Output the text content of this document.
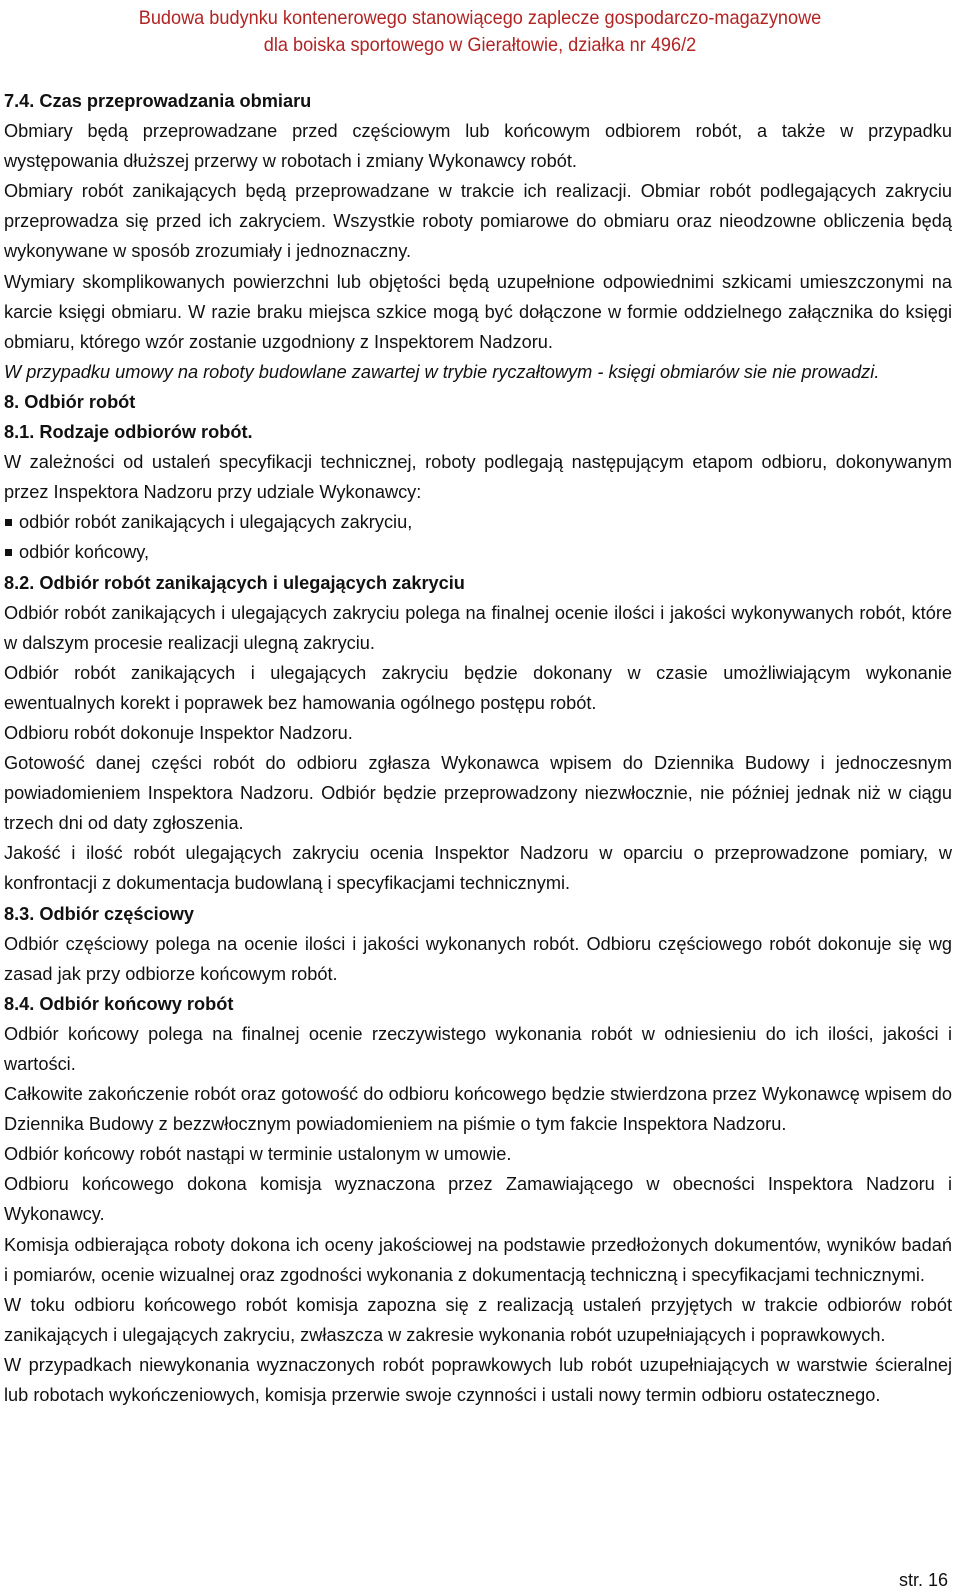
Budowa budynku kontenerowego stanowiącego zaplecze gospodarczo-magazynowe
dla boiska sportowego w Gierałtowie, działka nr 496/2
7.4. Czas przeprowadzania obmiaru

Obmiary będą przeprowadzane przed częściowym lub końcowym odbiorem robót, a także w przypadku występowania dłuższej przerwy w robotach i zmiany Wykonawcy robót.

Obmiary robót zanikających będą przeprowadzane w trakcie ich realizacji. Obmiar robót podlegających zakryciu przeprowadza się przed ich zakryciem. Wszystkie roboty pomiarowe do obmiaru oraz nieodzowne obliczenia będą wykonywane w sposób zrozumiały i jednoznaczny.

Wymiary skomplikowanych powierzchni lub objętości będą uzupełnione odpowiednimi szkicami umieszczonymi na karcie księgi obmiaru. W razie braku miejsca szkice mogą być dołączone w formie oddzielnego załącznika do księgi obmiaru, którego wzór zostanie uzgodniony z Inspektorem Nadzoru.

W przypadku umowy na roboty budowlane zawartej w trybie ryczałtowym - księgi obmiarów sie nie prowadzi.

8. Odbiór robót
8.1. Rodzaje odbiorów robót.

W zależności od ustaleń specyfikacji technicznej, roboty podlegają następującym etapom odbioru, dokonywanym przez Inspektora Nadzoru przy udziale Wykonawcy:

odbiór robót zanikających i ulegających zakryciu,
odbiór końcowy,
8.2. Odbiór robót zanikających i ulegających zakryciu

Odbiór robót zanikających i ulegających zakryciu polega na finalnej ocenie ilości i jakości wykonywanych robót, które w dalszym procesie realizacji ulegną zakryciu.

Odbiór robót zanikających i ulegających zakryciu będzie dokonany w czasie umożliwiającym wykonanie ewentualnych korekt i poprawek bez hamowania ogólnego postępu robót.

Odbioru robót dokonuje Inspektor Nadzoru.

Gotowość danej części robót do odbioru zgłasza Wykonawca wpisem do Dziennika Budowy i jednoczesnym powiadomieniem Inspektora Nadzoru. Odbiór będzie przeprowadzony niezwłocznie, nie później jednak niż w ciągu trzech dni od daty zgłoszenia.

Jakość i ilość robót ulegających zakryciu ocenia Inspektor Nadzoru w oparciu o przeprowadzone pomiary, w konfrontacji z dokumentacja budowlaną i specyfikacjami technicznymi.

8.3. Odbiór częściowy

Odbiór częściowy polega na ocenie ilości i jakości wykonanych robót. Odbioru częściowego robót dokonuje się wg zasad jak przy odbiorze końcowym robót.

8.4. Odbiór końcowy robót

Odbiór końcowy polega na finalnej ocenie rzeczywistego wykonania robót w odniesieniu do ich ilości, jakości i wartości.

Całkowite zakończenie robót oraz gotowość do odbioru końcowego będzie stwierdzona przez Wykonawcę wpisem do Dziennika Budowy z bezzwłocznym powiadomieniem na piśmie o tym fakcie Inspektora Nadzoru.

Odbiór końcowy robót nastąpi w terminie ustalonym w umowie.

Odbioru końcowego dokona komisja wyznaczona przez Zamawiającego w obecności Inspektora Nadzoru i Wykonawcy.

Komisja odbierająca roboty dokona ich oceny jakościowej na podstawie przedłożonych dokumentów, wyników badań i pomiarów, ocenie wizualnej oraz zgodności wykonania z dokumentacją techniczną i specyfikacjami technicznymi.

W toku odbioru końcowego robót komisja zapozna się z realizacją ustaleń przyjętych w trakcie odbiorów robót zanikających i ulegających zakryciu, zwłaszcza w zakresie wykonania robót uzupełniających i poprawkowych.

W przypadkach niewykonania wyznaczonych robót poprawkowych lub robót uzupełniających w warstwie ścieralnej lub robotach wykończeniowych, komisja przerwie swoje czynności i ustali nowy termin odbioru ostatecznego.

str. 16
